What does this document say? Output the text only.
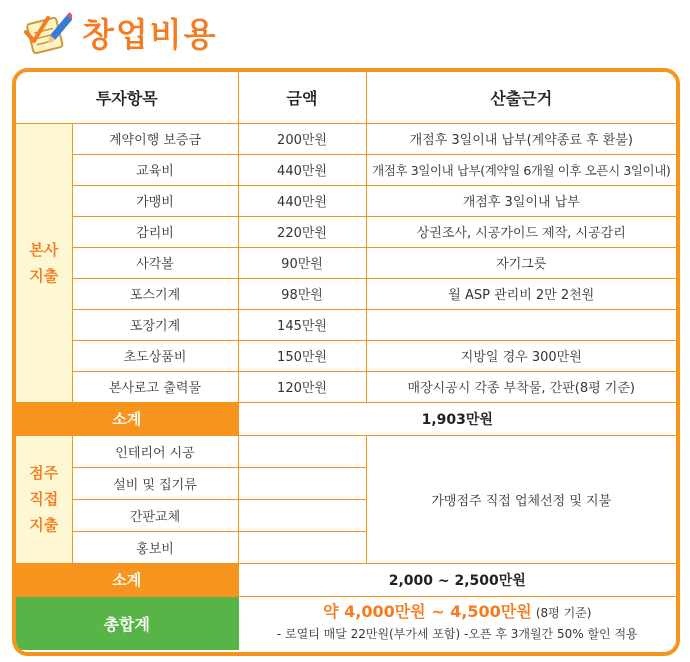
창업비용
투자항목		금액	산출근거
본사
지출	계약이행 보증금	200만원	개점후 3일이내 납부(계약종료 후 환불)
	교육비	440만원	개점후 3일이내 납부(계약일 6개월 이후 오픈시 3일이내)
	가맹비	440만원	개점후 3일이내 납부
	감리비	220만원	상권조사, 시공가이드 제작, 시공감리
	사각볼	90만원	자기그릇
	포스기계	98만원	월 ASP 관리비 2만 2천원
	포장기계	145만원	
	초도상품비	150만원	지방일 경우 300만원
	본사로고 출력물	120만원	매장시공시 각종 부착물, 간판(8평 기준)
소계		1,903만원	
점주
직접
지출	인테리어 시공		가맹점주 직접 업체선정 및 지불
	설비 및 집기류		
	간판교체		
	홍보비		
소계		2,000 ~ 2,500만원	
총합계		약 4,000만원 ~ 4,500만원 (8평 기준)
- 로열티 매달 22만원(부가세 포함) -오픈 후 3개월간 50% 할인 적용	
